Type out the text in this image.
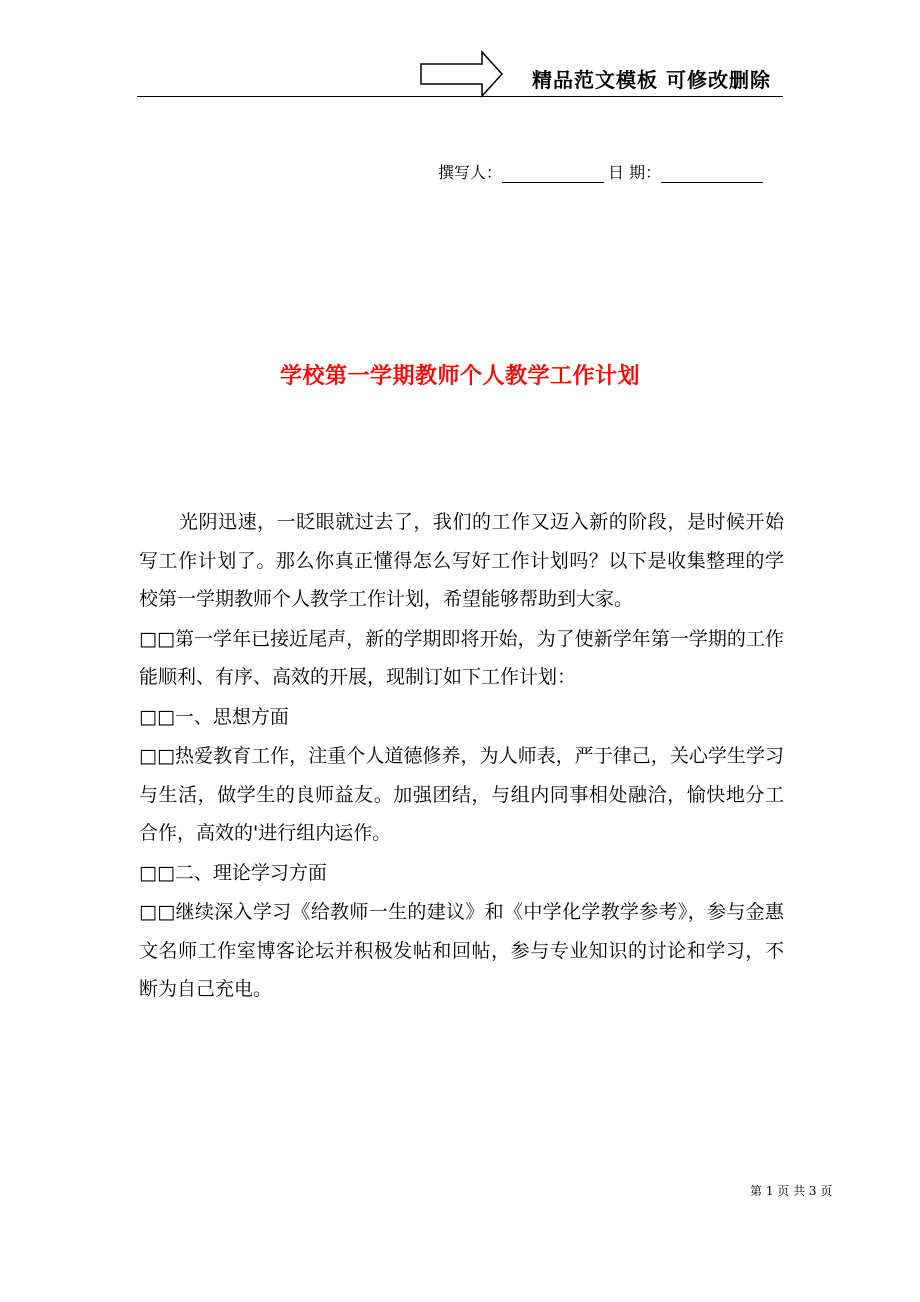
精品范文模板 可修改删除
撰写人：	日 期：
学校第一学期教师个人教学工作计划

光阴迅速，一眨眼就过去了，我们的工作又迈入新的阶段，是时候开始写工作计划了。那么你真正懂得怎么写好工作计划吗？以下是收集整理的学校第一学期教师个人教学工作计划，希望能够帮助到大家。

□□第一学年已接近尾声，新的学期即将开始，为了使新学年第一学期的工作能顺利、有序、高效的开展，现制订如下工作计划：

□□一、思想方面

□□热爱教育工作，注重个人道德修养，为人师表，严于律己，关心学生学习与生活，做学生的良师益友。加强团结，与组内同事相处融洽，愉快地分工合作，高效的'进行组内运作。

□□二、理论学习方面

□□继续深入学习《给教师一生的建议》和《中学化学教学参考》，参与金惠文名师工作室博客论坛并积极发帖和回帖，参与专业知识的讨论和学习，不断为自己充电。

第 1 页 共 3 页
